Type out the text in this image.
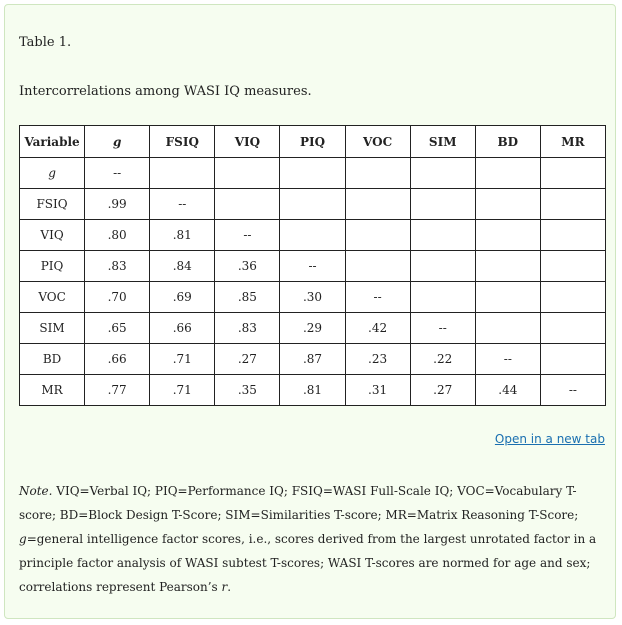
Table 1.
Intercorrelations among WASI IQ measures.
Variable	g	FSIQ	VIQ	PIQ	VOC	SIM	BD	MR
g	--							
FSIQ	.99	--						
VIQ	.80	.81	--					
PIQ	.83	.84	.36	--				
VOC	.70	.69	.85	.30	--			
SIM	.65	.66	.83	.29	.42	--		
BD	.66	.71	.27	.87	.23	.22	--	
MR	.77	.71	.35	.81	.31	.27	.44	--
Open in a new tab
Note. VIQ=Verbal IQ; PIQ=Performance IQ; FSIQ=WASI Full-Scale IQ; VOC=Vocabulary T-score; BD=Block Design T-Score; SIM=Similarities T-score; MR=Matrix Reasoning T-Score; g=general intelligence factor scores, i.e., scores derived from the largest unrotated factor in a principle factor analysis of WASI subtest T-scores; WASI T-scores are normed for age and sex; correlations represent Pearson’s r.
